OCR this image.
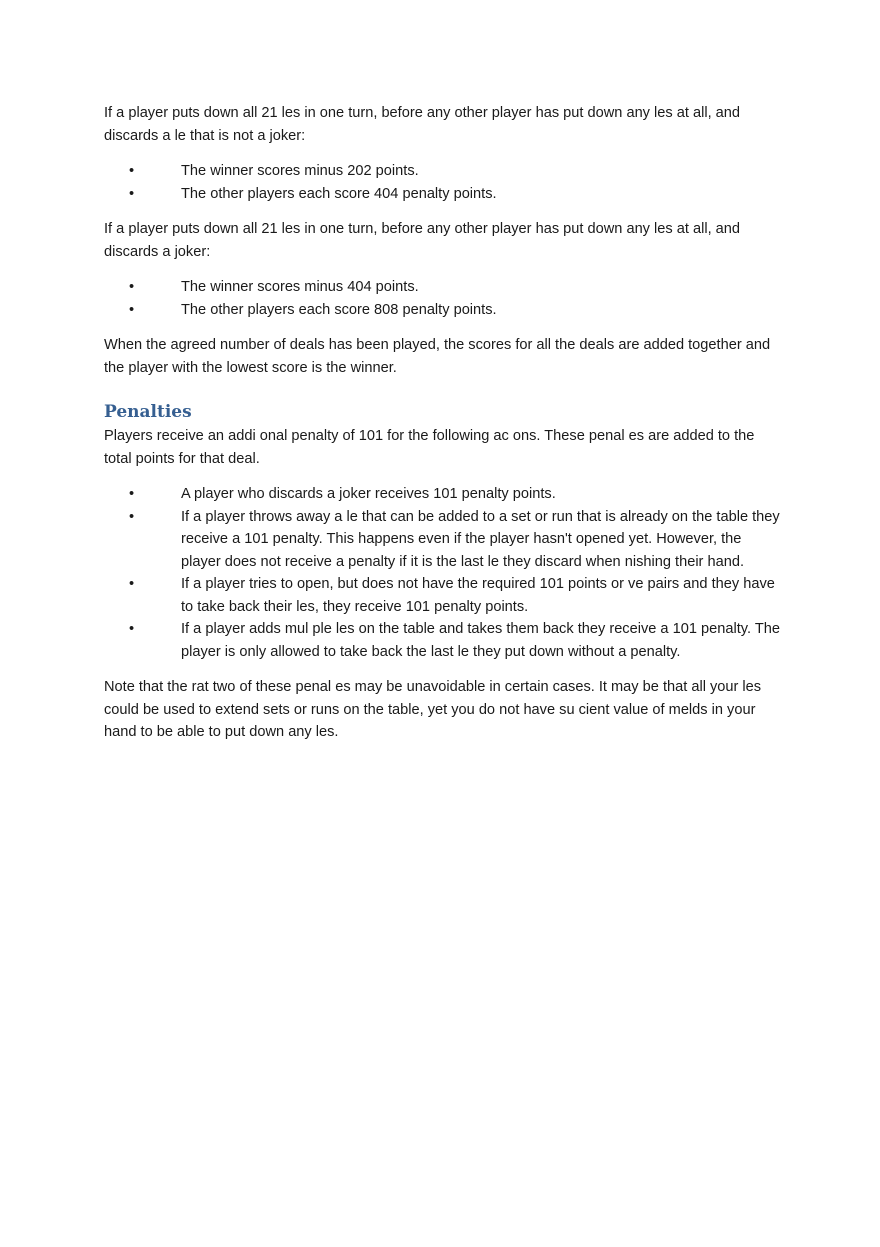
If a player puts down all 21 les in one turn, before any other player has put down any les at all, and discards a le that is not a joker:

•	The winner scores minus 202 points.
•	The other players each score 404 penalty points.

If a player puts down all 21 les in one turn, before any other player has put down any les at all, and discards a joker:

•	The winner scores minus 404 points.
•	The other players each score 808 penalty points.

When the agreed number of deals has been played, the scores for all the deals are added together and the player with the lowest score is the winner.

Penalties

Players receive an addi onal penalty of 101 for the following ac ons. These penal es are added to the total points for that deal.

•	A player who discards a joker receives 101 penalty points.
•	If a player throws away a le that can be added to a set or run that is already on the table they receive a 101 penalty. This happens even if the player hasn't opened yet. However, the player does not receive a penalty if it is the last le they discard when nishing their hand.
•	If a player tries to open, but does not have the required 101 points or ve pairs and they have to take back their les, they receive 101 penalty points.
•	If a player adds mul ple les on the table and takes them back they receive a 101 penalty. The player is only allowed to take back the last le they put down without a penalty.

Note that the rat two of these penal es may be unavoidable in certain cases. It may be that all your les could be used to extend sets or runs on the table, yet you do not have su cient value of melds in your hand to be able to put down any les.
